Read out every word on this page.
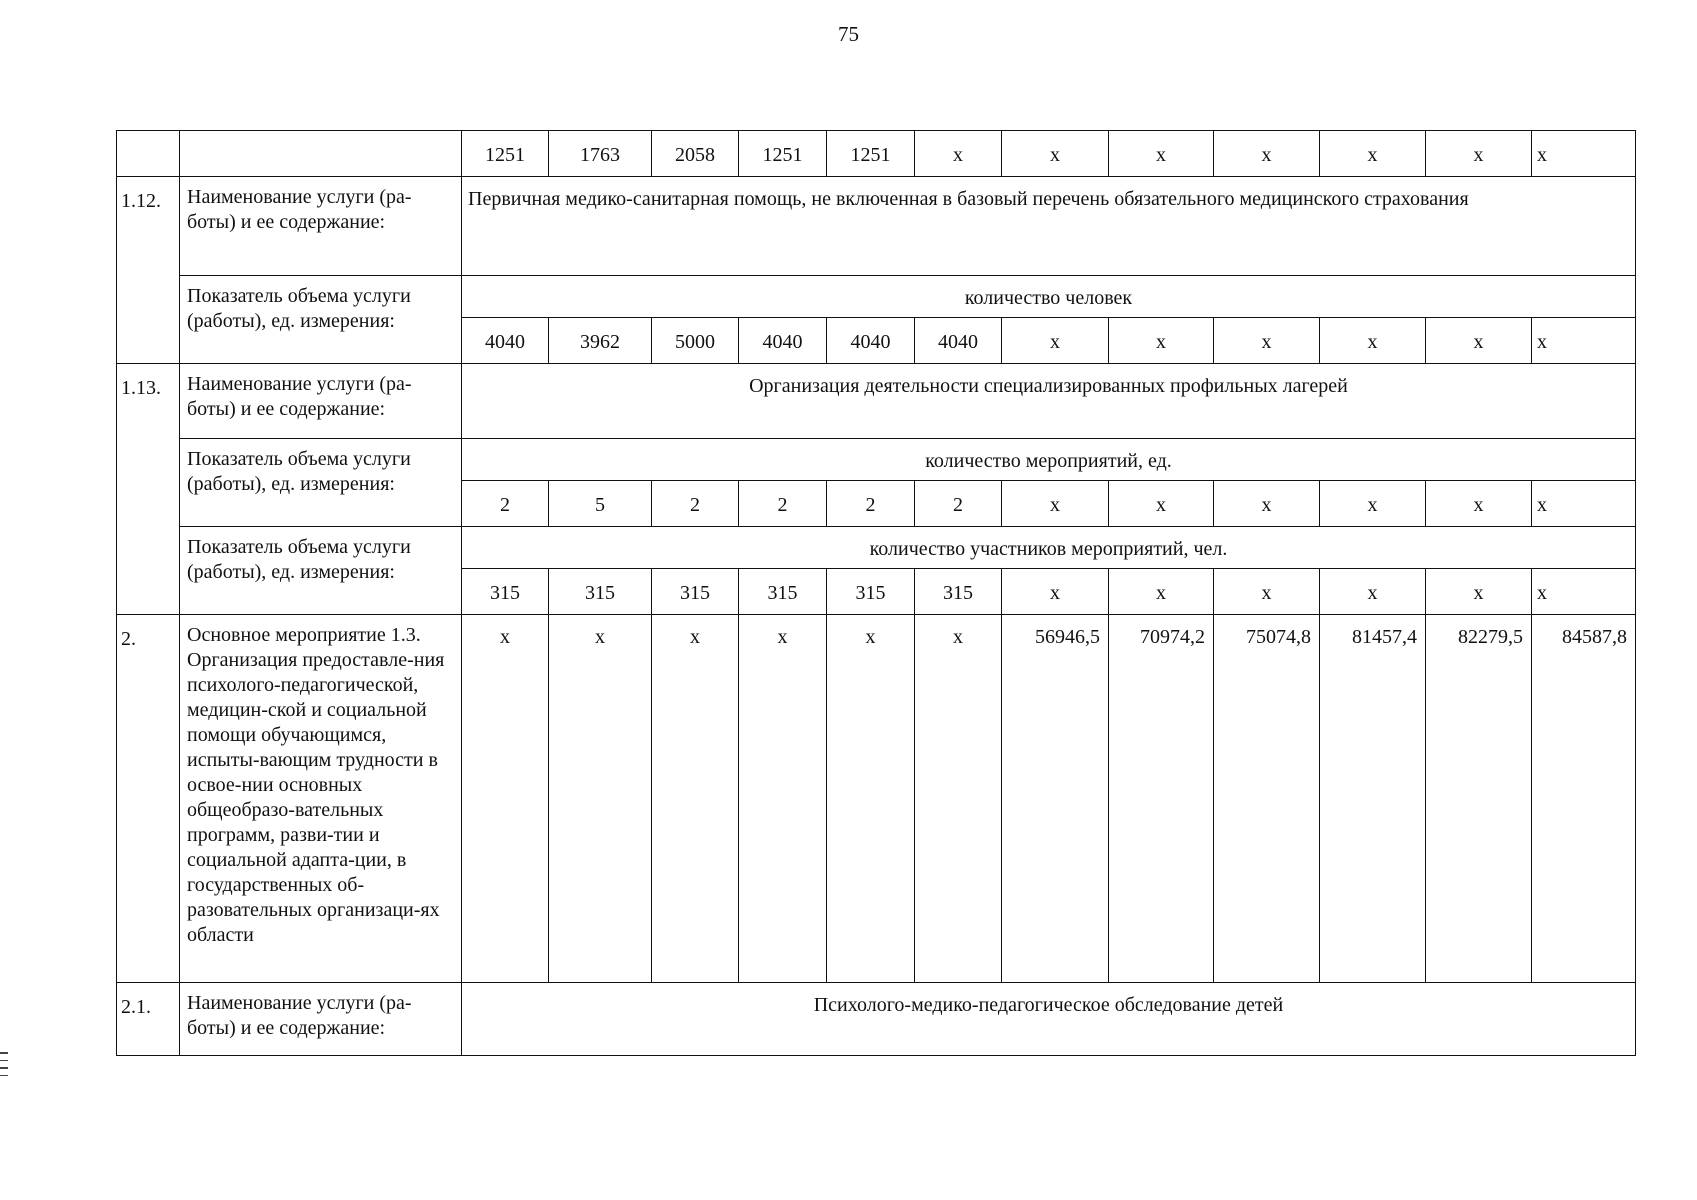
75
		1251	1763	2058	1251	1251	x	x	x	x	x	x	x
1.12.	Наименование услуги (ра-боты) и ее содержание:	Первичная медико-санитарная помощь, не включенная в базовый перечень обязательного медицинского страхования											
	Показатель объема услуги (работы), ед. измерения:	количество человек											
		4040	3962	5000	4040	4040	4040	x	x	x	x	x	x
1.13.	Наименование услуги (ра-боты) и ее содержание:	Организация деятельности специализированных профильных лагерей											
	Показатель объема услуги (работы), ед. измерения:	количество мероприятий, ед.											
		2	5	2	2	2	2	x	x	x	x	x	x
	Показатель объема услуги (работы), ед. измерения:	количество участников мероприятий, чел.											
		315	315	315	315	315	315	x	x	x	x	x	x
2.	Основное мероприятие 1.3. Организация предоставле-ния психолого-педагогической, медицин-ской и социальной помощи обучающимся, испыты-вающим трудности в освое-нии основных общеобразо-вательных программ, разви-тии и социальной адапта-ции, в государственных об-разовательных организаци-ях области	x	x	x	x	x	x	56946,5	70974,2	75074,8	81457,4	82279,5	84587,8
2.1.	Наименование услуги (ра-боты) и ее содержание:	Психолого-медико-педагогическое обследование детей											
